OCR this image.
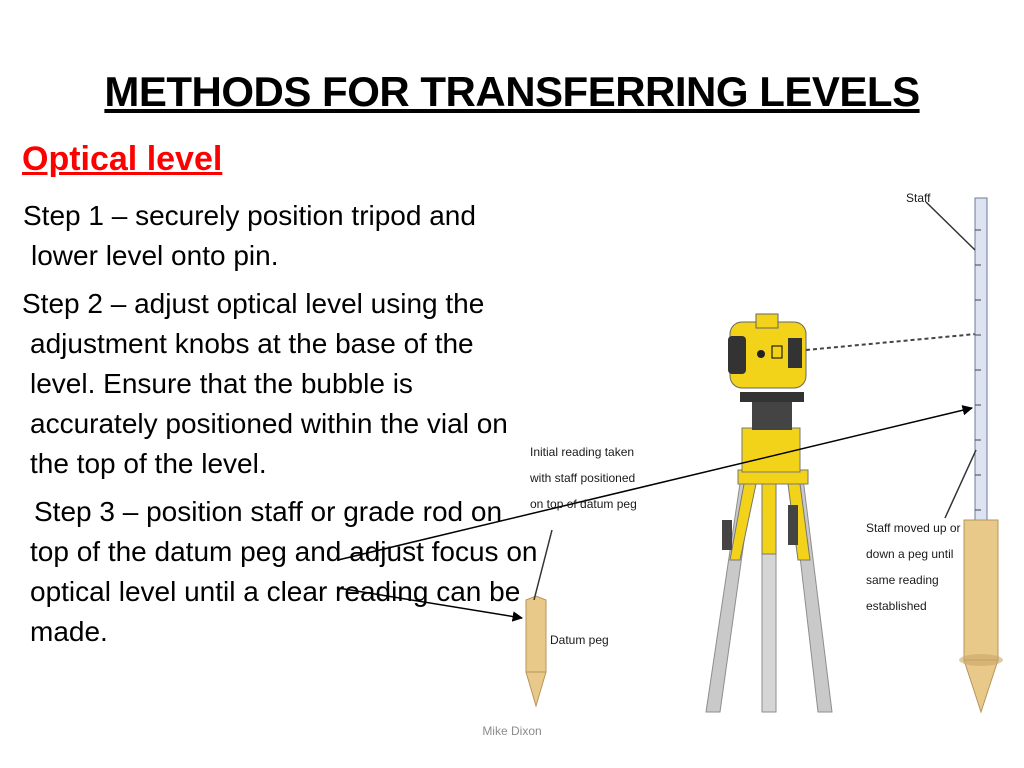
METHODS FOR TRANSFERRING LEVELS
Optical level
Step 1 – securely position tripod and lower level onto pin.
Step 2 – adjust optical level using the adjustment knobs at the base of the level. Ensure that the bubble is accurately positioned within the vial on the top of the level.
Step 3 – position staff or grade rod on top of the datum peg and adjust focus on optical level until a clear reading can be made.
Staff
Initial reading taken
with staff positioned
on top of datum peg
Datum peg
Staff moved up or
down a peg until
same reading
established
Mike Dixon
